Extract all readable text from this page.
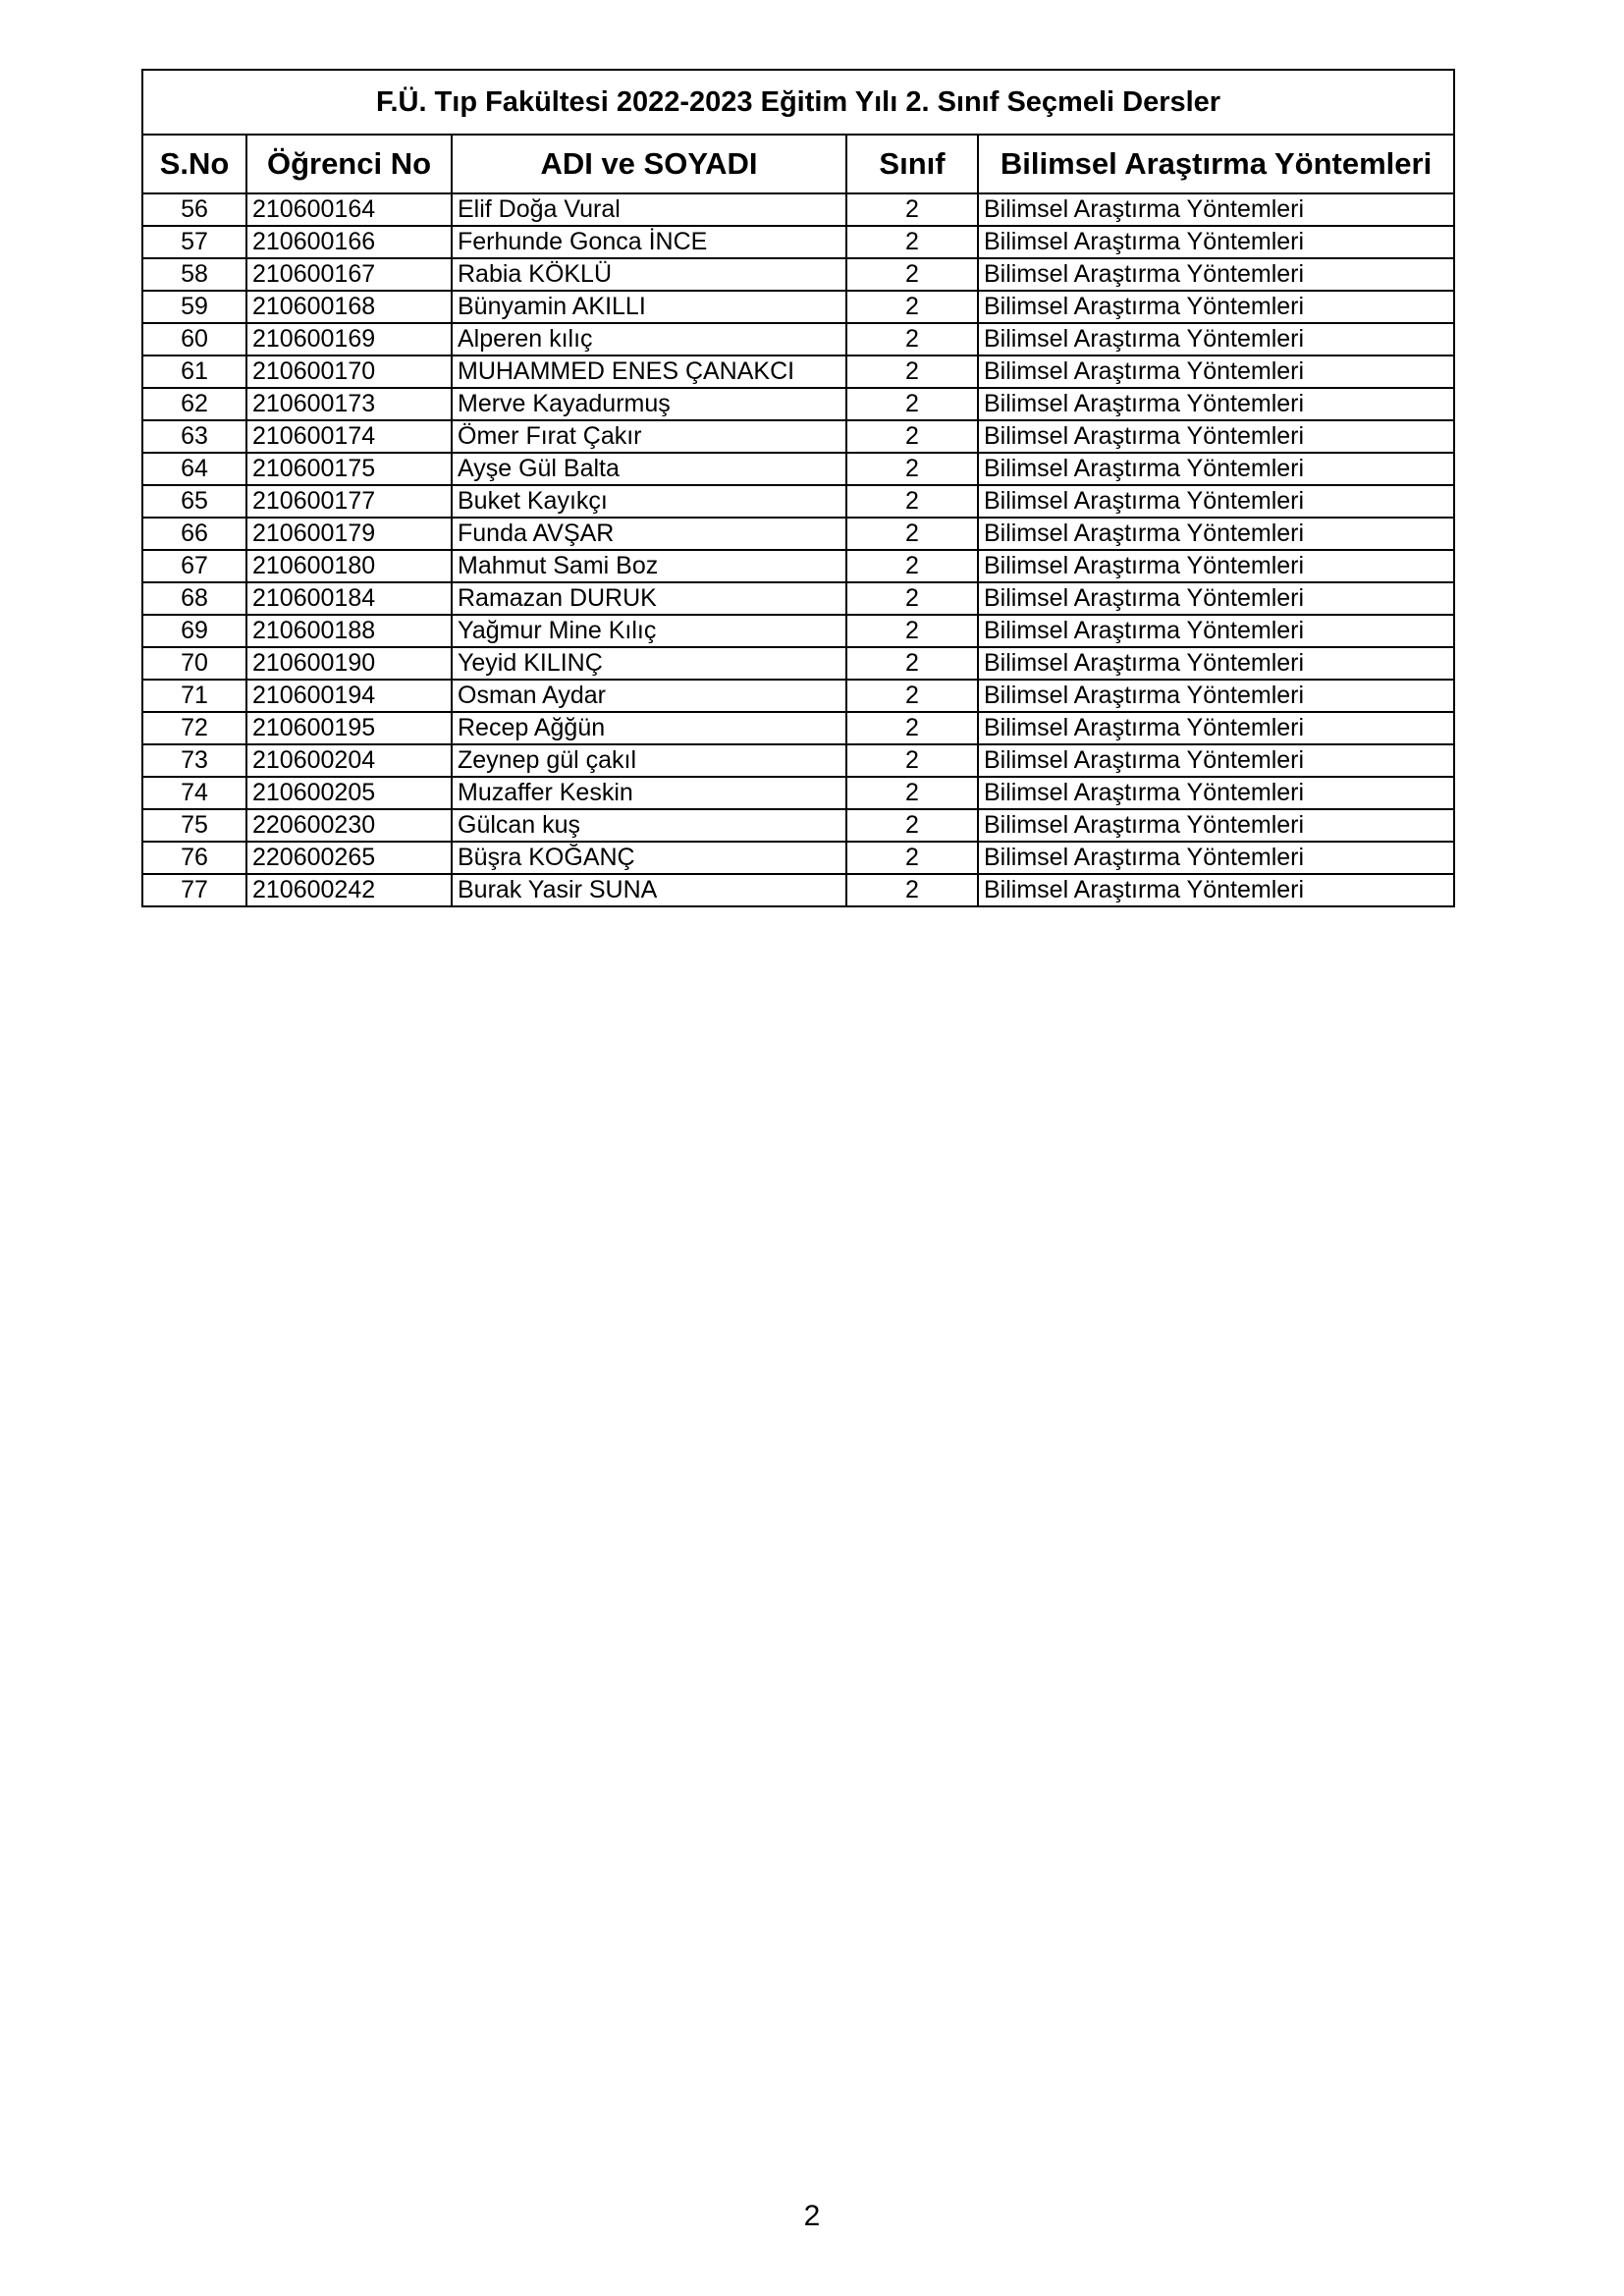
F.Ü. Tıp Fakültesi 2022-2023 Eğitim Yılı 2. Sınıf Seçmeli Dersler				
S.No	Öğrenci No	ADI ve SOYADI	Sınıf	Bilimsel Araştırma Yöntemleri
56	210600164	Elif Doğa Vural	2	Bilimsel Araştırma Yöntemleri
57	210600166	Ferhunde Gonca İNCE	2	Bilimsel Araştırma Yöntemleri
58	210600167	Rabia KÖKLÜ	2	Bilimsel Araştırma Yöntemleri
59	210600168	Bünyamin AKILLI	2	Bilimsel Araştırma Yöntemleri
60	210600169	Alperen kılıç	2	Bilimsel Araştırma Yöntemleri
61	210600170	MUHAMMED ENES ÇANAKCI	2	Bilimsel Araştırma Yöntemleri
62	210600173	Merve Kayadurmuş	2	Bilimsel Araştırma Yöntemleri
63	210600174	Ömer Fırat Çakır	2	Bilimsel Araştırma Yöntemleri
64	210600175	Ayşe Gül Balta	2	Bilimsel Araştırma Yöntemleri
65	210600177	Buket Kayıkçı	2	Bilimsel Araştırma Yöntemleri
66	210600179	Funda AVŞAR	2	Bilimsel Araştırma Yöntemleri
67	210600180	Mahmut Sami Boz	2	Bilimsel Araştırma Yöntemleri
68	210600184	Ramazan DURUK	2	Bilimsel Araştırma Yöntemleri
69	210600188	Yağmur Mine Kılıç	2	Bilimsel Araştırma Yöntemleri
70	210600190	Yeyid KILINÇ	2	Bilimsel Araştırma Yöntemleri
71	210600194	Osman Aydar	2	Bilimsel Araştırma Yöntemleri
72	210600195	Recep Ağğün	2	Bilimsel Araştırma Yöntemleri
73	210600204	Zeynep gül çakıl	2	Bilimsel Araştırma Yöntemleri
74	210600205	Muzaffer Keskin	2	Bilimsel Araştırma Yöntemleri
75	220600230	Gülcan kuş	2	Bilimsel Araştırma Yöntemleri
76	220600265	Büşra KOĞANÇ	2	Bilimsel Araştırma Yöntemleri
77	210600242	Burak Yasir SUNA	2	Bilimsel Araştırma Yöntemleri
2
